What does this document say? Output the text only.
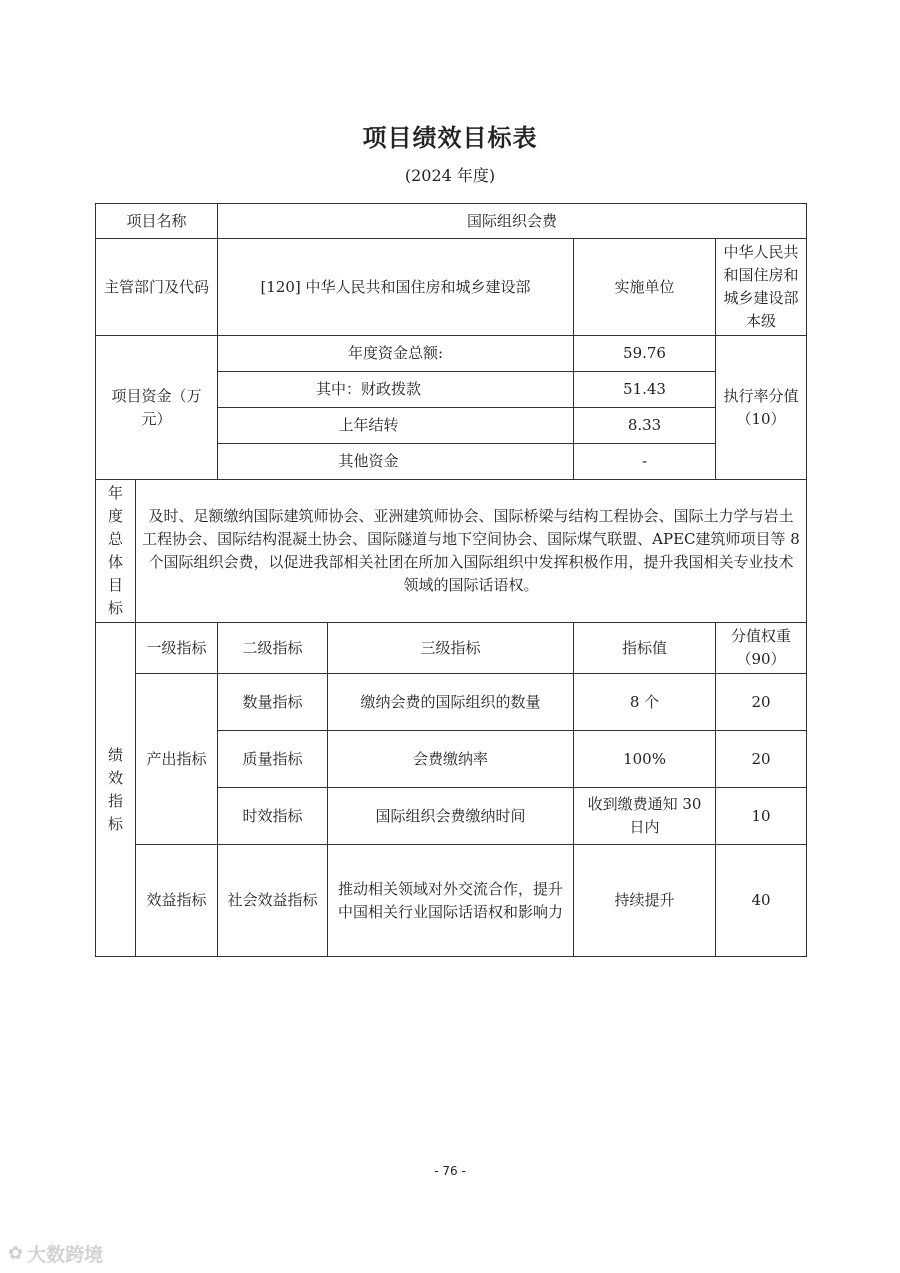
项目绩效目标表
(2024 年度)
项目名称		国际组织会费			
主管部门及代码		[120] 中华人民共和国住房和城乡建设部		实施单位	中华人民共和国住房和城乡建设部本级
项目资金（万元）		年度资金总额:		59.76	执行率分值（10）
		其中：财政拨款		51.43	
		上年结转		8.33	
		其他资金		-	
年度总体目标	及时、足额缴纳国际建筑师协会、亚洲建筑师协会、国际桥梁与结构工程协会、国际土力学与岩土工程协会、国际结构混凝土协会、国际隧道与地下空间协会、国际煤气联盟、APEC建筑师项目等 8 个国际组织会费，以促进我部相关社团在所加入国际组织中发挥积极作用，提升我国相关专业技术领域的国际话语权。				
绩效指标	一级指标	二级指标	三级指标	指标值	分值权重（90）
	产出指标	数量指标	缴纳会费的国际组织的数量	8 个	20
		质量指标	会费缴纳率	100%	20
		时效指标	国际组织会费缴纳时间	收到缴费通知 30 日内	10
	效益指标	社会效益指标	推动相关领域对外交流合作，提升中国相关行业国际话语权和影响力	持续提升	40
- 76 -
✿ 大数跨境
